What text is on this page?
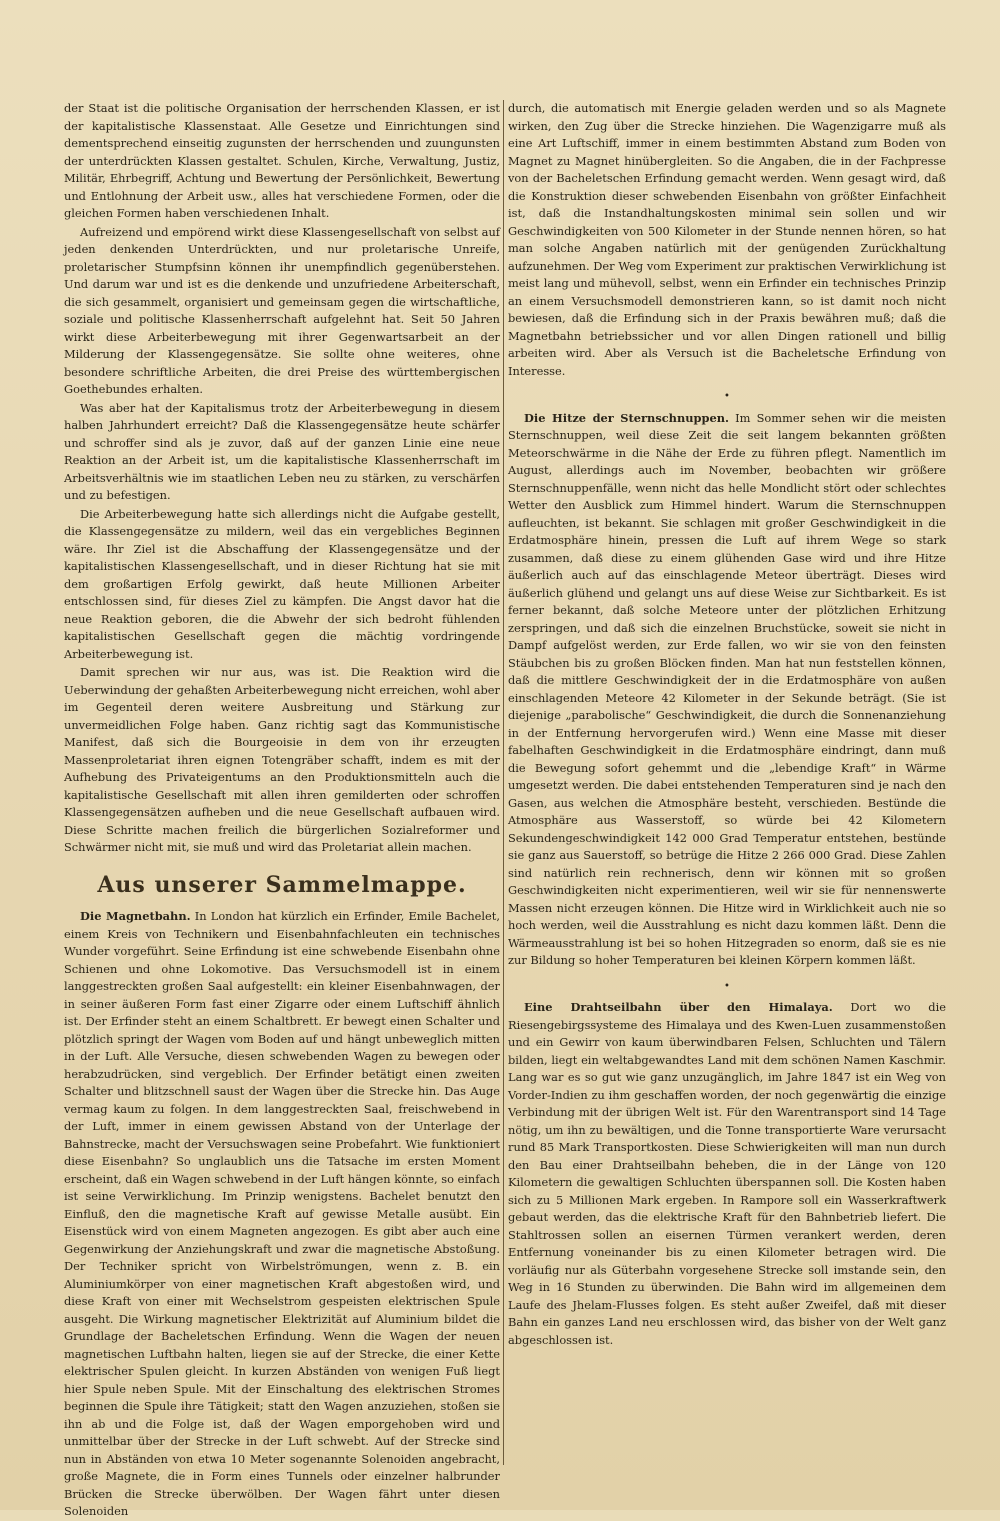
der Staat ist die politische Organisation der herrschenden Klassen, er ist der kapitalistische Klassenstaat. Alle Gesetze und Einrichtungen sind dementsprechend einseitig zugunsten der herrschenden und zuungunsten der unterdrückten Klassen gestaltet. Schulen, Kirche, Verwaltung, Justiz, Militär, Ehrbegriff, Achtung und Bewertung der Persönlichkeit, Bewertung und Entlohnung der Arbeit usw., alles hat verschiedene Formen, oder die gleichen Formen haben verschiedenen Inhalt.

Aufreizend und empörend wirkt diese Klassengesellschaft von selbst auf jeden denkenden Unterdrückten, und nur proletarische Unreife, proletarischer Stumpfsinn können ihr unempfindlich gegenüberstehen. Und darum war und ist es die denkende und unzufriedene Arbeiterschaft, die sich gesammelt, organisiert und gemeinsam gegen die wirtschaftliche, soziale und politische Klassenherrschaft aufgelehnt hat. Seit 50 Jahren wirkt diese Arbeiterbewegung mit ihrer Gegenwartsarbeit an der Milderung der Klassengegensätze. Sie sollte ohne weiteres, ohne besondere schriftliche Arbeiten, die drei Preise des württembergischen Goethebundes erhalten.

Was aber hat der Kapitalismus trotz der Arbeiterbewegung in diesem halben Jahrhundert erreicht? Daß die Klassengegensätze heute schärfer und schroffer sind als je zuvor, daß auf der ganzen Linie eine neue Reaktion an der Arbeit ist, um die kapitalistische Klassenherrschaft im Arbeitsverhältnis wie im staatlichen Leben neu zu stärken, zu verschärfen und zu befestigen.

Die Arbeiterbewegung hatte sich allerdings nicht die Aufgabe gestellt, die Klassengegensätze zu mildern, weil das ein vergebliches Beginnen wäre. Ihr Ziel ist die Abschaffung der Klassengegensätze und der kapitalistischen Klassengesellschaft, und in dieser Richtung hat sie mit dem großartigen Erfolg gewirkt, daß heute Millionen Arbeiter entschlossen sind, für dieses Ziel zu kämpfen. Die Angst davor hat die neue Reaktion geboren, die die Abwehr der sich bedroht fühlenden kapitalistischen Gesellschaft gegen die mächtig vordringende Arbeiterbewegung ist.

Damit sprechen wir nur aus, was ist. Die Reaktion wird die Ueberwindung der gehaßten Arbeiterbewegung nicht erreichen, wohl aber im Gegenteil deren weitere Ausbreitung und Stärkung zur unvermeidlichen Folge haben. Ganz richtig sagt das Kommunistische Manifest, daß sich die Bourgeoisie in dem von ihr erzeugten Massenproletariat ihren eignen Totengräber schafft, indem es mit der Aufhebung des Privateigentums an den Produktionsmitteln auch die kapitalistische Gesellschaft mit allen ihren gemilderten oder schroffen Klassengegensätzen aufheben und die neue Gesellschaft aufbauen wird. Diese Schritte machen freilich die bürgerlichen Sozialreformer und Schwärmer nicht mit, sie muß und wird das Proletariat allein machen.

Aus unserer Sammelmappe.

Die Magnetbahn. In London hat kürzlich ein Erfinder, Emile Bachelet, einem Kreis von Technikern und Eisenbahnfachleuten ein technisches Wunder vorgeführt. Seine Erfindung ist eine schwebende Eisenbahn ohne Schienen und ohne Lokomotive. Das Versuchsmodell ist in einem langgestreckten großen Saal aufgestellt: ein kleiner Eisenbahnwagen, der in seiner äußeren Form fast einer Zigarre oder einem Luftschiff ähnlich ist. Der Erfinder steht an einem Schaltbrett. Er bewegt einen Schalter und plötzlich springt der Wagen vom Boden auf und hängt unbeweglich mitten in der Luft. Alle Versuche, diesen schwebenden Wagen zu bewegen oder herabzudrücken, sind vergeblich. Der Erfinder betätigt einen zweiten Schalter und blitzschnell saust der Wagen über die Strecke hin. Das Auge vermag kaum zu folgen. In dem langgestreckten Saal, freischwebend in der Luft, immer in einem gewissen Abstand von der Unterlage der Bahnstrecke, macht der Versuchswagen seine Probefahrt. Wie funktioniert diese Eisenbahn? So unglaublich uns die Tatsache im ersten Moment erscheint, daß ein Wagen schwebend in der Luft hängen könnte, so einfach ist seine Verwirklichung. Im Prinzip wenigstens. Bachelet benutzt den Einfluß, den die magnetische Kraft auf gewisse Metalle ausübt. Ein Eisenstück wird von einem Magneten angezogen. Es gibt aber auch eine Gegenwirkung der Anziehungskraft und zwar die magnetische Abstoßung. Der Techniker spricht von Wirbelströmungen, wenn z. B. ein Aluminiumkörper von einer magnetischen Kraft abgestoßen wird, und diese Kraft von einer mit Wechselstrom gespeisten elektrischen Spule ausgeht. Die Wirkung magnetischer Elektrizität auf Aluminium bildet die Grundlage der Bacheletschen Erfindung. Wenn die Wagen der neuen magnetischen Luftbahn halten, liegen sie auf der Strecke, die einer Kette elektrischer Spulen gleicht. In kurzen Abständen von wenigen Fuß liegt hier Spule neben Spule. Mit der Einschaltung des elektrischen Stromes beginnen die Spule ihre Tätigkeit; statt den Wagen anzuziehen, stoßen sie ihn ab und die Folge ist, daß der Wagen emporgehoben wird und unmittelbar über der Strecke in der Luft schwebt. Auf der Strecke sind nun in Abständen von etwa 10 Meter sogenannte Solenoiden angebracht, große Magnete, die in Form eines Tunnels oder einzelner halbrunder Brücken die Strecke überwölben. Der Wagen fährt unter diesen Solenoiden

durch, die automatisch mit Energie geladen werden und so als Magnete wirken, den Zug über die Strecke hinziehen. Die Wagenzigarre muß als eine Art Luftschiff, immer in einem bestimmten Abstand zum Boden von Magnet zu Magnet hinübergleiten. So die Angaben, die in der Fachpresse von der Bacheletschen Erfindung gemacht werden. Wenn gesagt wird, daß die Konstruktion dieser schwebenden Eisenbahn von größter Einfachheit ist, daß die Instandhaltungskosten minimal sein sollen und wir Geschwindigkeiten von 500 Kilometer in der Stunde nennen hören, so hat man solche Angaben natürlich mit der genügenden Zurückhaltung aufzunehmen. Der Weg vom Experiment zur praktischen Verwirklichung ist meist lang und mühevoll, selbst, wenn ein Erfinder ein technisches Prinzip an einem Versuchsmodell demonstrieren kann, so ist damit noch nicht bewiesen, daß die Erfindung sich in der Praxis bewähren muß; daß die Magnetbahn betriebssicher und vor allen Dingen rationell und billig arbeiten wird. Aber als Versuch ist die Bacheletsche Erfindung von Interesse.

•

Die Hitze der Sternschnuppen. Im Sommer sehen wir die meisten Sternschnuppen, weil diese Zeit die seit langem bekannten größten Meteorschwärme in die Nähe der Erde zu führen pflegt. Namentlich im August, allerdings auch im November, beobachten wir größere Sternschnuppenfälle, wenn nicht das helle Mondlicht stört oder schlechtes Wetter den Ausblick zum Himmel hindert. Warum die Sternschnuppen aufleuchten, ist bekannt. Sie schlagen mit großer Geschwindigkeit in die Erdatmosphäre hinein, pressen die Luft auf ihrem Wege so stark zusammen, daß diese zu einem glühenden Gase wird und ihre Hitze äußerlich auch auf das einschlagende Meteor überträgt. Dieses wird äußerlich glühend und gelangt uns auf diese Weise zur Sichtbarkeit. Es ist ferner bekannt, daß solche Meteore unter der plötzlichen Erhitzung zerspringen, und daß sich die einzelnen Bruchstücke, soweit sie nicht in Dampf aufgelöst werden, zur Erde fallen, wo wir sie von den feinsten Stäubchen bis zu großen Blöcken finden. Man hat nun feststellen können, daß die mittlere Geschwindigkeit der in die Erdatmosphäre von außen einschlagenden Meteore 42 Kilometer in der Sekunde beträgt. (Sie ist diejenige „parabolische“ Geschwindigkeit, die durch die Sonnenanziehung in der Entfernung hervorgerufen wird.) Wenn eine Masse mit dieser fabelhaften Geschwindigkeit in die Erdatmosphäre eindringt, dann muß die Bewegung sofort gehemmt und die „lebendige Kraft“ in Wärme umgesetzt werden. Die dabei entstehenden Temperaturen sind je nach den Gasen, aus welchen die Atmosphäre besteht, verschieden. Bestünde die Atmosphäre aus Wasserstoff, so würde bei 42 Kilometern Sekundengeschwindigkeit 142 000 Grad Temperatur entstehen, bestünde sie ganz aus Sauerstoff, so betrüge die Hitze 2 266 000 Grad. Diese Zahlen sind natürlich rein rechnerisch, denn wir können mit so großen Geschwindigkeiten nicht experimentieren, weil wir sie für nennenswerte Massen nicht erzeugen können. Die Hitze wird in Wirklichkeit auch nie so hoch werden, weil die Ausstrahlung es nicht dazu kommen läßt. Denn die Wärmeausstrahlung ist bei so hohen Hitzegraden so enorm, daß sie es nie zur Bildung so hoher Temperaturen bei kleinen Körpern kommen läßt.

•

Eine Drahtseilbahn über den Himalaya. Dort wo die Riesengebirgssysteme des Himalaya und des Kwen-Luen zusammenstoßen und ein Gewirr von kaum überwindbaren Felsen, Schluchten und Tälern bilden, liegt ein weltabgewandtes Land mit dem schönen Namen Kaschmir. Lang war es so gut wie ganz unzugänglich, im Jahre 1847 ist ein Weg von Vorder-Indien zu ihm geschaffen worden, der noch gegenwärtig die einzige Verbindung mit der übrigen Welt ist. Für den Warentransport sind 14 Tage nötig, um ihn zu bewältigen, und die Tonne transportierte Ware verursacht rund 85 Mark Transportkosten. Diese Schwierigkeiten will man nun durch den Bau einer Drahtseilbahn beheben, die in der Länge von 120 Kilometern die gewaltigen Schluchten überspannen soll. Die Kosten haben sich zu 5 Millionen Mark ergeben. In Rampore soll ein Wasserkraftwerk gebaut werden, das die elektrische Kraft für den Bahnbetrieb liefert. Die Stahltrossen sollen an eisernen Türmen verankert werden, deren Entfernung voneinander bis zu einen Kilometer betragen wird. Die vorläufig nur als Güterbahn vorgesehene Strecke soll imstande sein, den Weg in 16 Stunden zu überwinden. Die Bahn wird im allgemeinen dem Laufe des Jhelam-Flusses folgen. Es steht außer Zweifel, daß mit dieser Bahn ein ganzes Land neu erschlossen wird, das bisher von der Welt ganz abgeschlossen ist.
